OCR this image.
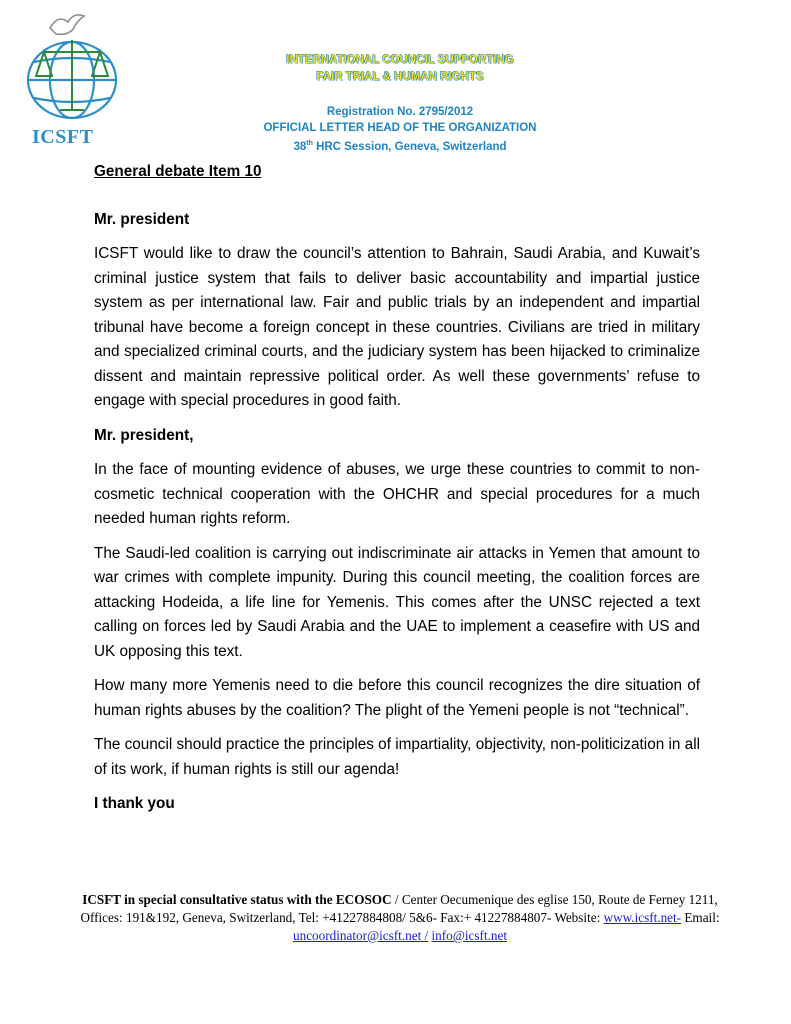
ICSFT
INTERNATIONAL COUNCIL SUPPORTING
FAIR TRIAL & HUMAN RIGHTS
Registration No. 2795/2012
OFFICIAL LETTER HEAD OF THE ORGANIZATION
38th HRC Session, Geneva, Switzerland

General debate Item 10

Mr. president

ICSFT would like to draw the council’s attention to Bahrain, Saudi Arabia, and Kuwait’s criminal justice system that fails to deliver basic accountability and impartial justice system as per international law. Fair and public trials by an independent and impartial tribunal have become a foreign concept in these countries. Civilians are tried in military and specialized criminal courts, and the judiciary system has been hijacked to criminalize dissent and maintain repressive political order. As well these governments’ refuse to engage with special procedures in good faith.

Mr. president,

In the face of mounting evidence of abuses, we urge these countries to commit to non-cosmetic technical cooperation with the OHCHR and special procedures for a much needed human rights reform.

The Saudi-led coalition is carrying out indiscriminate air attacks in Yemen that amount to war crimes with complete impunity. During this council meeting, the coalition forces are attacking Hodeida, a life line for Yemenis. This comes after the UNSC rejected a text calling on forces led by Saudi Arabia and the UAE to implement a ceasefire with US and UK opposing this text.

How many more Yemenis need to die before this council recognizes the dire situation of human rights abuses by the coalition? The plight of the Yemeni people is not “technical”.

The council should practice the principles of impartiality, objectivity, non-politicization in all of its work, if human rights is still our agenda!

I thank you

ICSFT in special consultative status with the ECOSOC / Center Oecumenique des eglise 150, Route de Ferney 1211, Offices: 191&192, Geneva, Switzerland, Tel: +41227884808/ 5&6- Fax:+ 41227884807- Website: www.icsft.net- Email: uncoordinator@icsft.net / info@icsft.net
